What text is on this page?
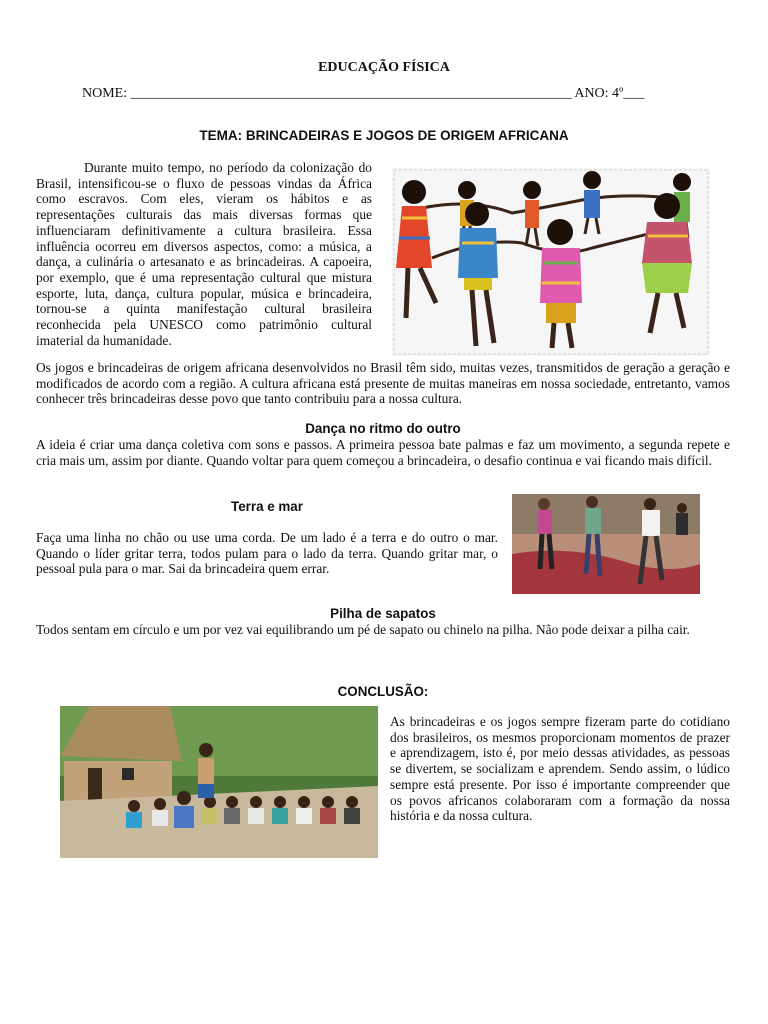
EDUCAÇÃO FÍSICA
NOME: _______________________________________________________________ ANO: 4º___
TEMA: BRINCADEIRAS E JOGOS DE ORIGEM AFRICANA
Durante muito tempo, no período da colonização do Brasil, intensificou-se o fluxo de pessoas vindas da África como escravos. Com eles, vieram os hábitos e as representações culturais das mais diversas formas que influenciaram definitivamente a cultura brasileira. Essa influência ocorreu em diversos aspectos, como: a música, a dança, a culinária o artesanato e as brincadeiras. A capoeira, por exemplo, que é uma representação cultural que mistura esporte, luta, dança, cultura popular, música e brincadeira, tornou-se a quinta manifestação cultural brasileira reconhecida pela UNESCO como patrimônio cultural imaterial da humanidade.
Os jogos e brincadeiras de origem africana desenvolvidos no Brasil têm sido, muitas vezes, transmitidos de geração a geração e modificados de acordo com a região. A cultura africana está presente de muitas maneiras em nossa sociedade, entretanto, vamos conhecer três brincadeiras desse povo que tanto contribuiu para a nossa cultura.
Dança no ritmo do outro
A ideia é criar uma dança coletiva com sons e passos. A primeira pessoa bate palmas e faz um movimento, a segunda repete e cria mais um, assim por diante. Quando voltar para quem começou a brincadeira, o desafio continua e vai ficando mais difícil.
Terra e mar
Faça uma linha no chão ou use uma corda. De um lado é a terra e do outro o mar. Quando o líder gritar terra, todos pulam para o lado da terra. Quando gritar mar, o pessoal pula para o mar. Sai da brincadeira quem errar.
Pilha de sapatos
Todos sentam em círculo e um por vez vai equilibrando um pé de sapato ou chinelo na pilha. Não pode deixar a pilha cair.
CONCLUSÃO:
As brincadeiras e os jogos sempre fizeram parte do cotidiano dos brasileiros, os mesmos proporcionam momentos de prazer e aprendizagem, isto é, por meio dessas atividades, as pessoas se divertem, se socializam e aprendem. Sendo assim, o lúdico sempre está presente. Por isso é importante compreender que os povos africanos colaboraram com a formação da nossa história e da nossa cultura.
